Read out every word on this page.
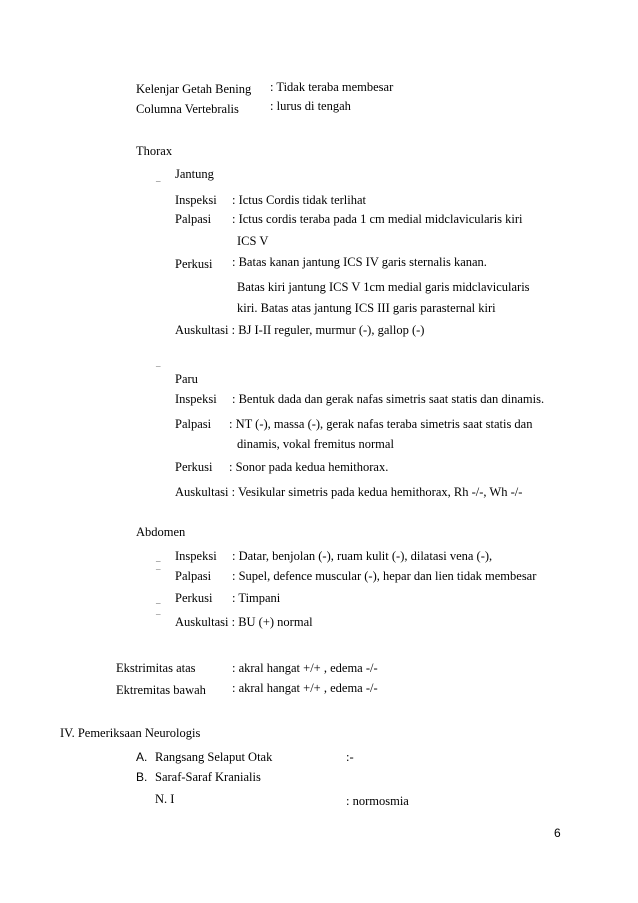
Kelenjar Getah Bening : Tidak teraba membesar
Columna Vertebralis : lurus di tengah
Thorax
_ Jantung
Inspeksi : Ictus Cordis tidak terlihat
Palpasi : Ictus cordis teraba pada 1 cm medial midclavicularis kiri
ICS V
Perkusi : Batas kanan jantung ICS IV garis sternalis kanan.
Batas kiri jantung ICS V 1cm medial garis midclavicularis
kiri. Batas atas jantung ICS III garis parasternal kiri
Auskultasi : BJ I-II reguler, murmur (-), gallop (-)
¯
Paru
Inspeksi : Bentuk dada dan gerak nafas simetris saat statis dan dinamis.
Palpasi : NT (-), massa (-), gerak nafas teraba simetris saat statis dan
dinamis, vokal fremitus normal
Perkusi : Sonor pada kedua hemithorax.
Auskultasi : Vesikular simetris pada kedua hemithorax, Rh -/-, Wh -/-
Abdomen
_ Inspeksi : Datar, benjolan (-), ruam kulit (-), dilatasi vena (-),
¯ Palpasi : Supel, defence muscular (-), hepar dan lien tidak membesar
_ Perkusi : Timpani
¯ Auskultasi : BU (+) normal
Ekstrimitas atas	: akral hangat +/+ , edema -/-
Ektremitas bawah : akral hangat +/+ , edema -/-
IV. Pemeriksaan Neurologis
A. Rangsang Selaput Otak	:-
B. Saraf-Saraf Kranialis
N. I	: normosmia
6
